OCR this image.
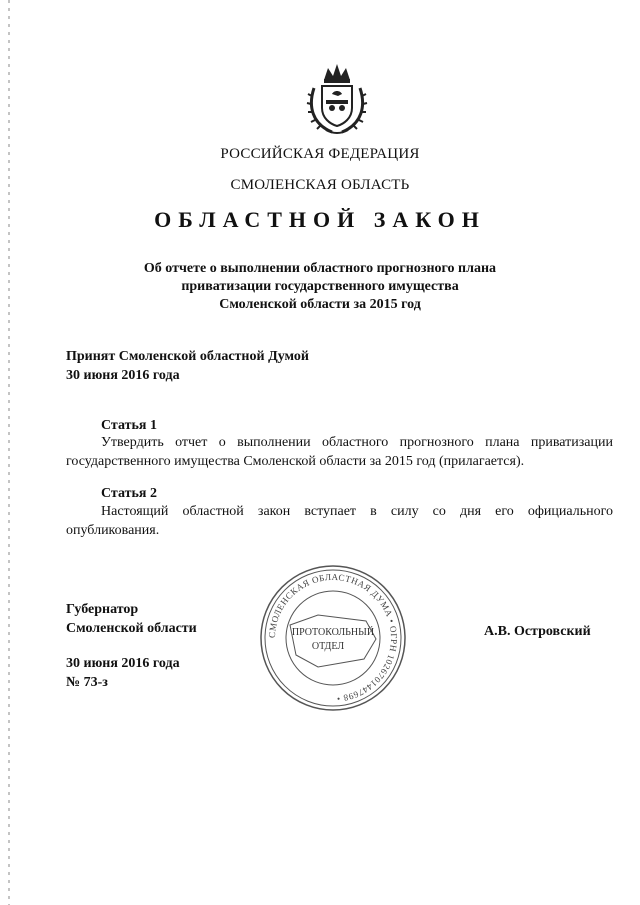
РОССИЙСКАЯ ФЕДЕРАЦИЯ
СМОЛЕНСКАЯ ОБЛАСТЬ
ОБЛАСТНОЙ ЗАКОН
Об отчете о выполнении областного прогнозного плана
приватизации государственного имущества
Смоленской области за 2015 год
Принят Смоленской областной Думой
30 июня 2016 года
Статья 1
Утвердить отчет о выполнении областного прогнозного плана приватизации государственного имущества Смоленской области за 2015 год (прилагается).
Статья 2
Настоящий областной закон вступает в силу со дня его официального опубликования.
Губернатор
Смоленской области
30 июня 2016 года
№ 73-з
А.В. Островский
СМОЛЕНСКАЯ ОБЛАСТНАЯ ДУМА • ОГРН 1026701447698 •
ПРОТОКОЛЬНЫЙ
ОТДЕЛ
